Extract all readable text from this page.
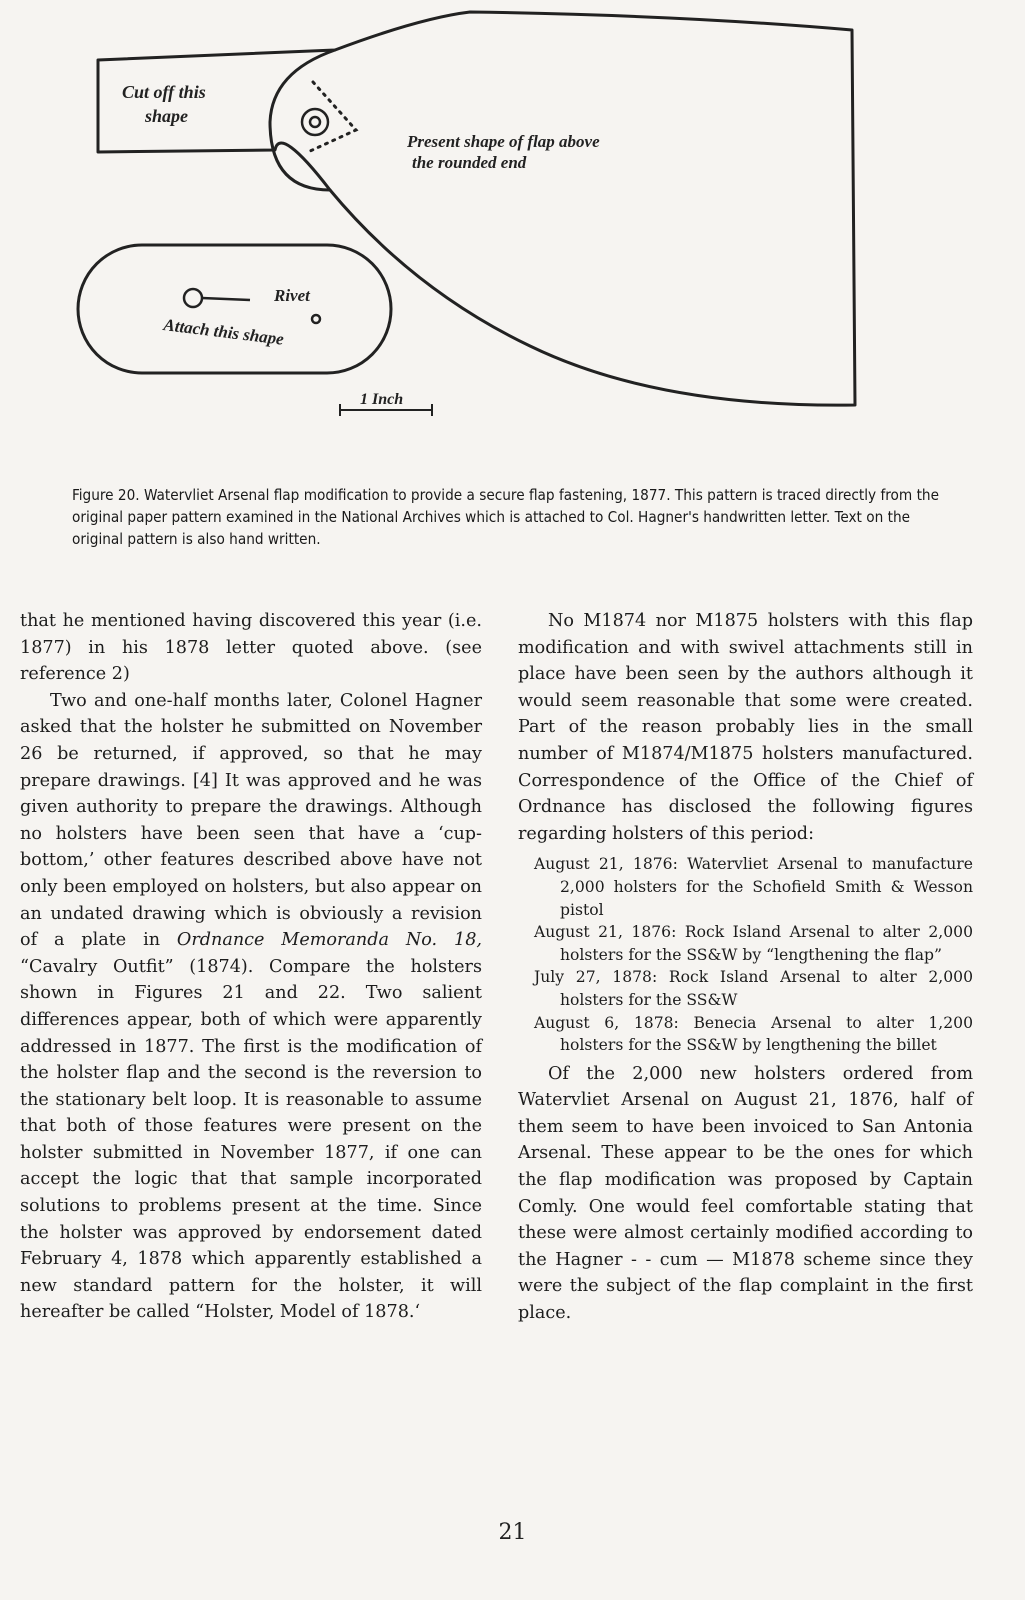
Cut off this shape
Present shape of flap above the rounded end
Rivet
Attach this shape
1 Inch
Figure 20. Watervliet Arsenal flap modification to provide a secure flap fastening, 1877. This pattern is traced directly from the original paper pattern examined in the National Archives which is attached to Col. Hagner's handwritten letter. Text on the original pattern is also hand written.

that he mentioned having discovered this year (i.e. 1877) in his 1878 letter quoted above. (see reference 2)

Two and one-half months later, Colonel Hagner asked that the holster he submitted on November 26 be returned, if approved, so that he may prepare drawings. [4] It was approved and he was given authority to prepare the drawings. Although no holsters have been seen that have a ‘cup-bottom,’ other features described above have not only been employed on holsters, but also appear on an undated drawing which is obviously a revision of a plate in Ordnance Memoranda No. 18, “Cavalry Outfit” (1874). Compare the holsters shown in Figures 21 and 22. Two salient differences appear, both of which were apparently addressed in 1877. The first is the modification of the holster flap and the second is the reversion to the stationary belt loop. It is reasonable to assume that both of those features were present on the holster submitted in November 1877, if one can accept the logic that that sample incorporated solutions to problems present at the time. Since the holster was approved by endorsement dated February 4, 1878 which apparently established a new standard pattern for the holster, it will hereafter be called “Holster, Model of 1878.‘

No M1874 nor M1875 holsters with this flap modification and with swivel attachments still in place have been seen by the authors although it would seem reasonable that some were created. Part of the reason probably lies in the small number of M1874/M1875 holsters manufactured. Correspondence of the Office of the Chief of Ordnance has disclosed the following figures regarding holsters of this period:

August 21, 1876: Watervliet Arsenal to manufacture 2,000 holsters for the Schofield Smith & Wesson pistol
August 21, 1876: Rock Island Arsenal to alter 2,000 holsters for the SS&W by “lengthening the flap”
July 27, 1878: Rock Island Arsenal to alter 2,000 holsters for the SS&W
August 6, 1878: Benecia Arsenal to alter 1,200 holsters for the SS&W by lengthening the billet

Of the 2,000 new holsters ordered from Watervliet Arsenal on August 21, 1876, half of them seem to have been invoiced to San Antonia Arsenal. These appear to be the ones for which the flap modification was proposed by Captain Comly. One would feel comfortable stating that these were almost certainly modified according to the Hagner - - cum — M1878 scheme since they were the subject of the flap complaint in the first place.

21
